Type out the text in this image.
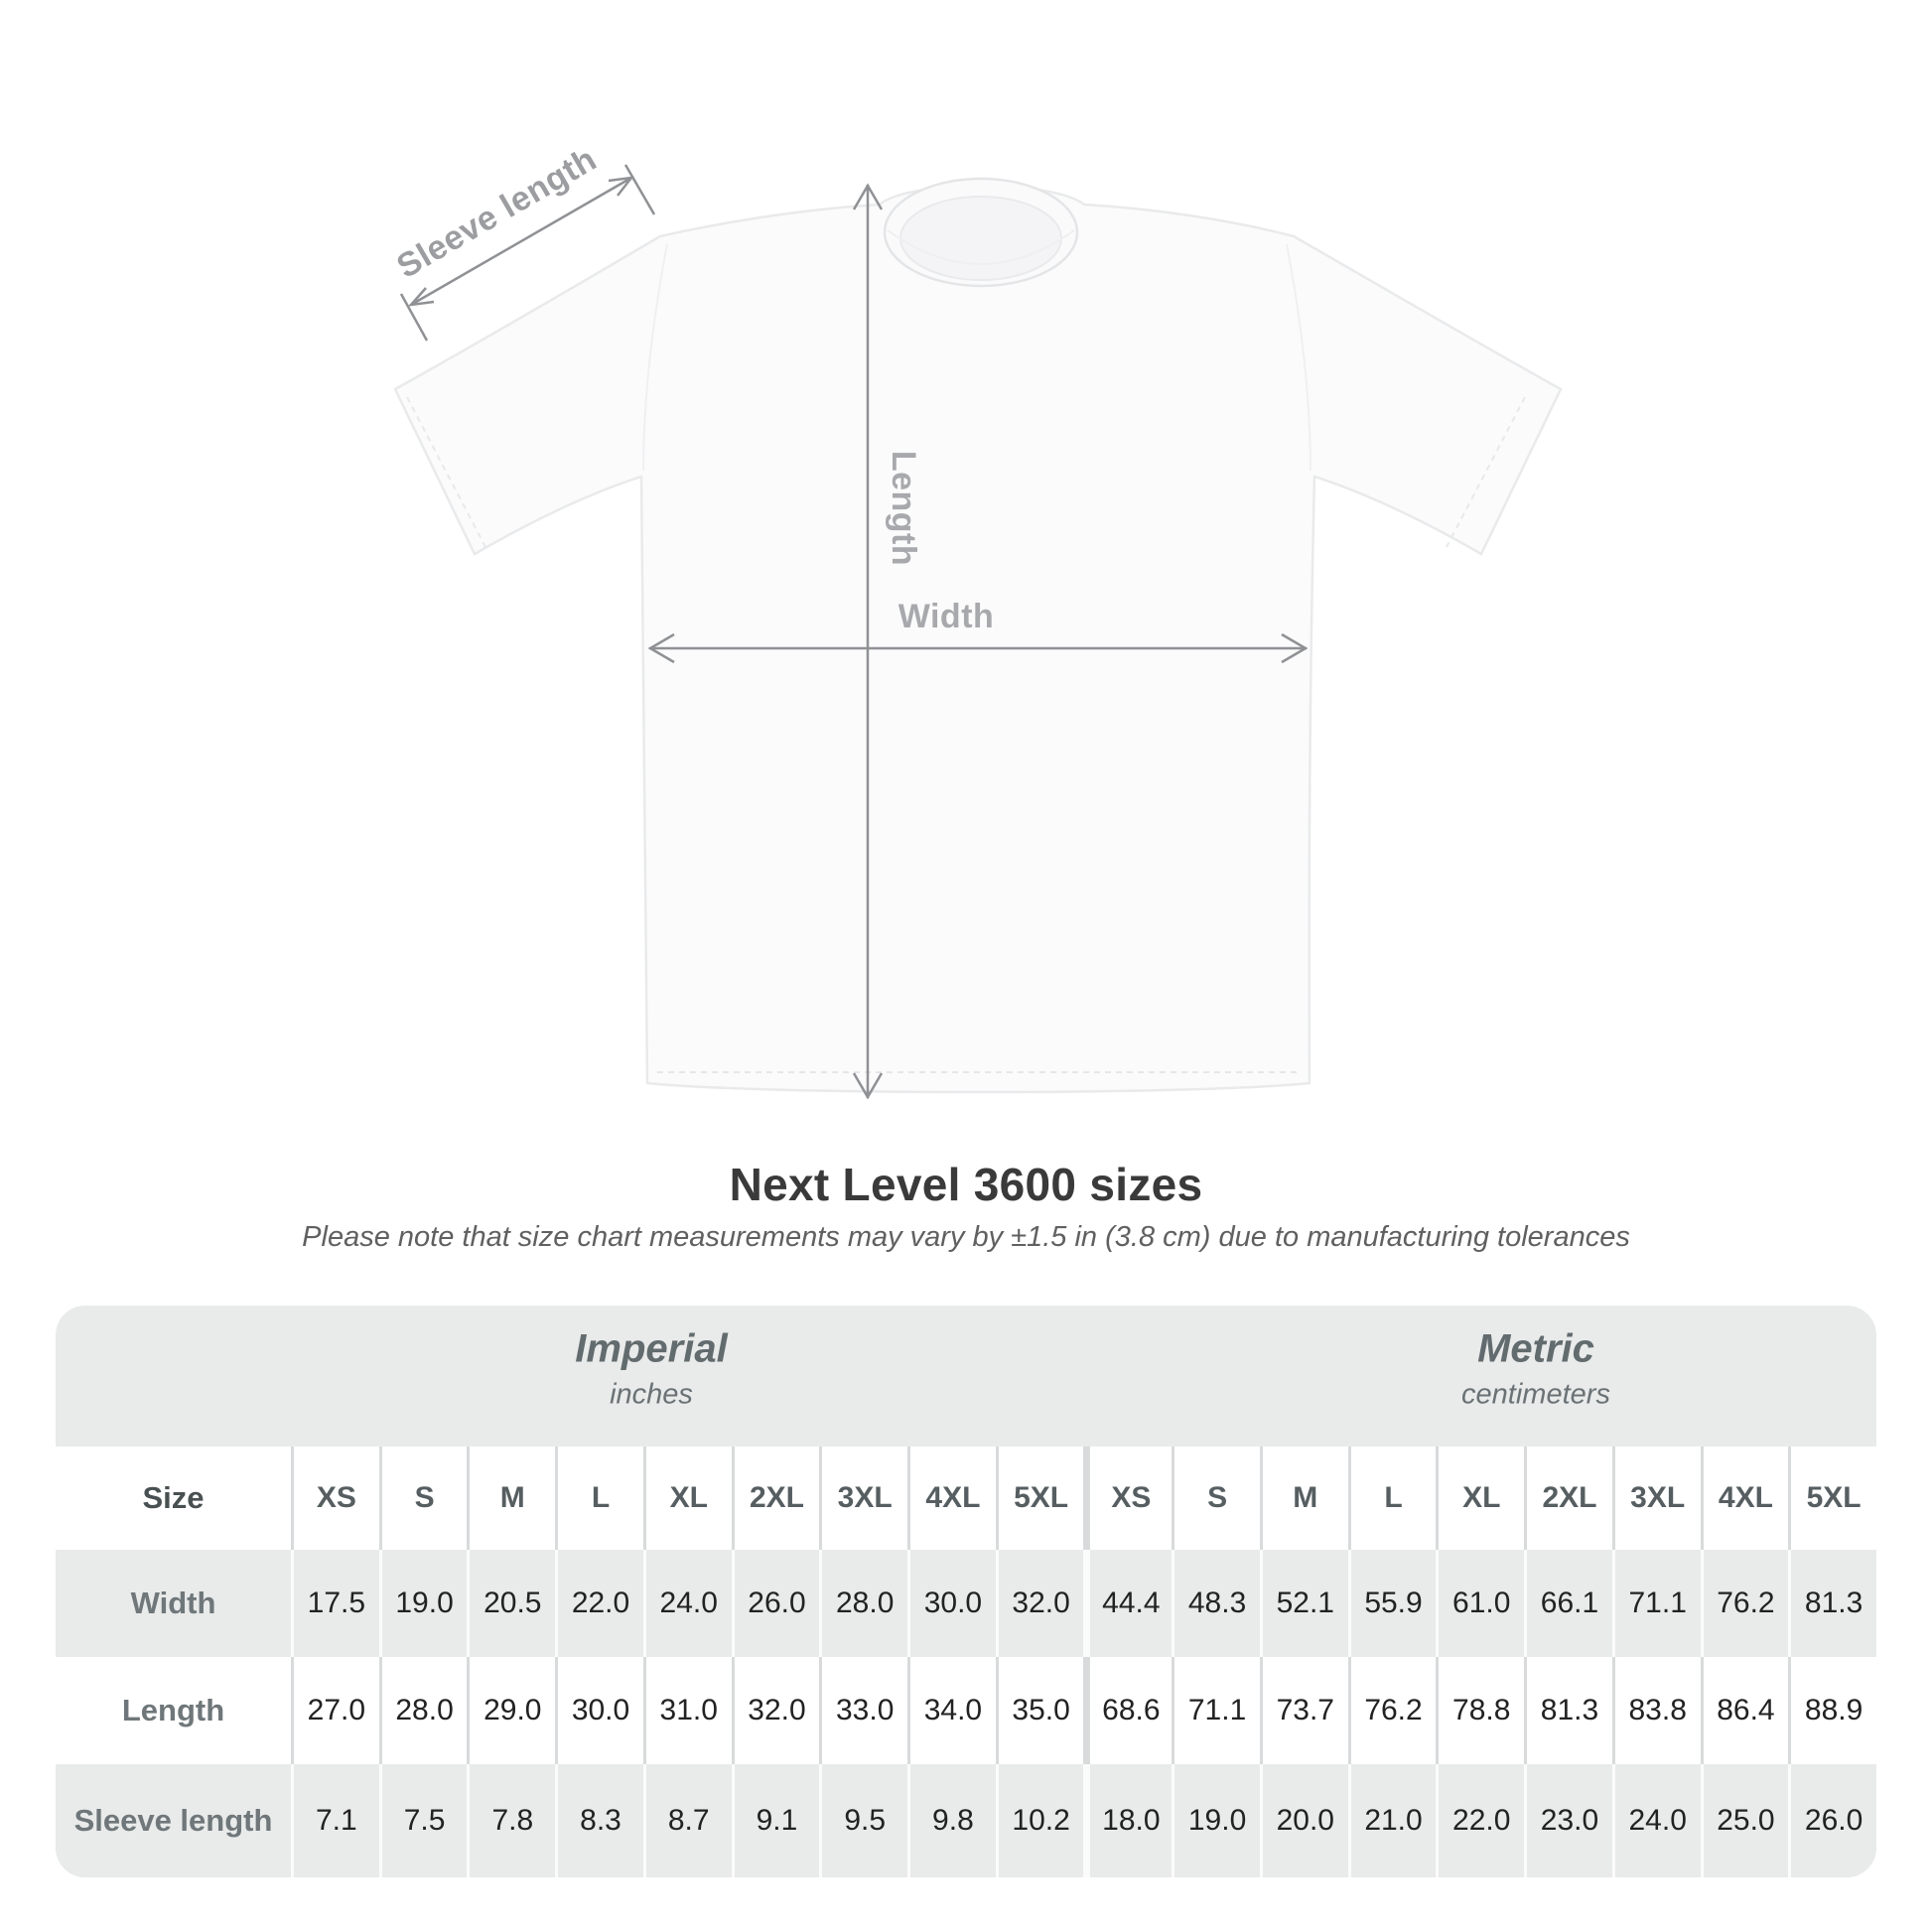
Sleeve length
Length
Width
Next Level 3600 sizes
Please note that size chart measurements may vary by ±1.5 in (3.8 cm) due to manufacturing tolerances
Imperial
inches
Metric
centimeters
Size	XS	S	M	L	XL	2XL	3XL	4XL	5XL	XS	S	M	L	XL	2XL	3XL	4XL	5XL
Width	17.5	19.0	20.5	22.0	24.0	26.0	28.0	30.0	32.0	44.4 48.3	52.1	55.9	61.0	66.1	71.1	76.2	81.3
Length	27.0	28.0	29.0	30.0	31.0	32.0	33.0	34.0	35.0	68.6 71.1	73.7	76.2	78.8	81.3	83.8	86.4	88.9
Sleeve length	7.1	7.5	7.8	8.3	8.7	9.1	9.5	9.8	10.2	18.0 19.0	20.0	21.0	22.0	23.0	24.0	25.0	26.0
